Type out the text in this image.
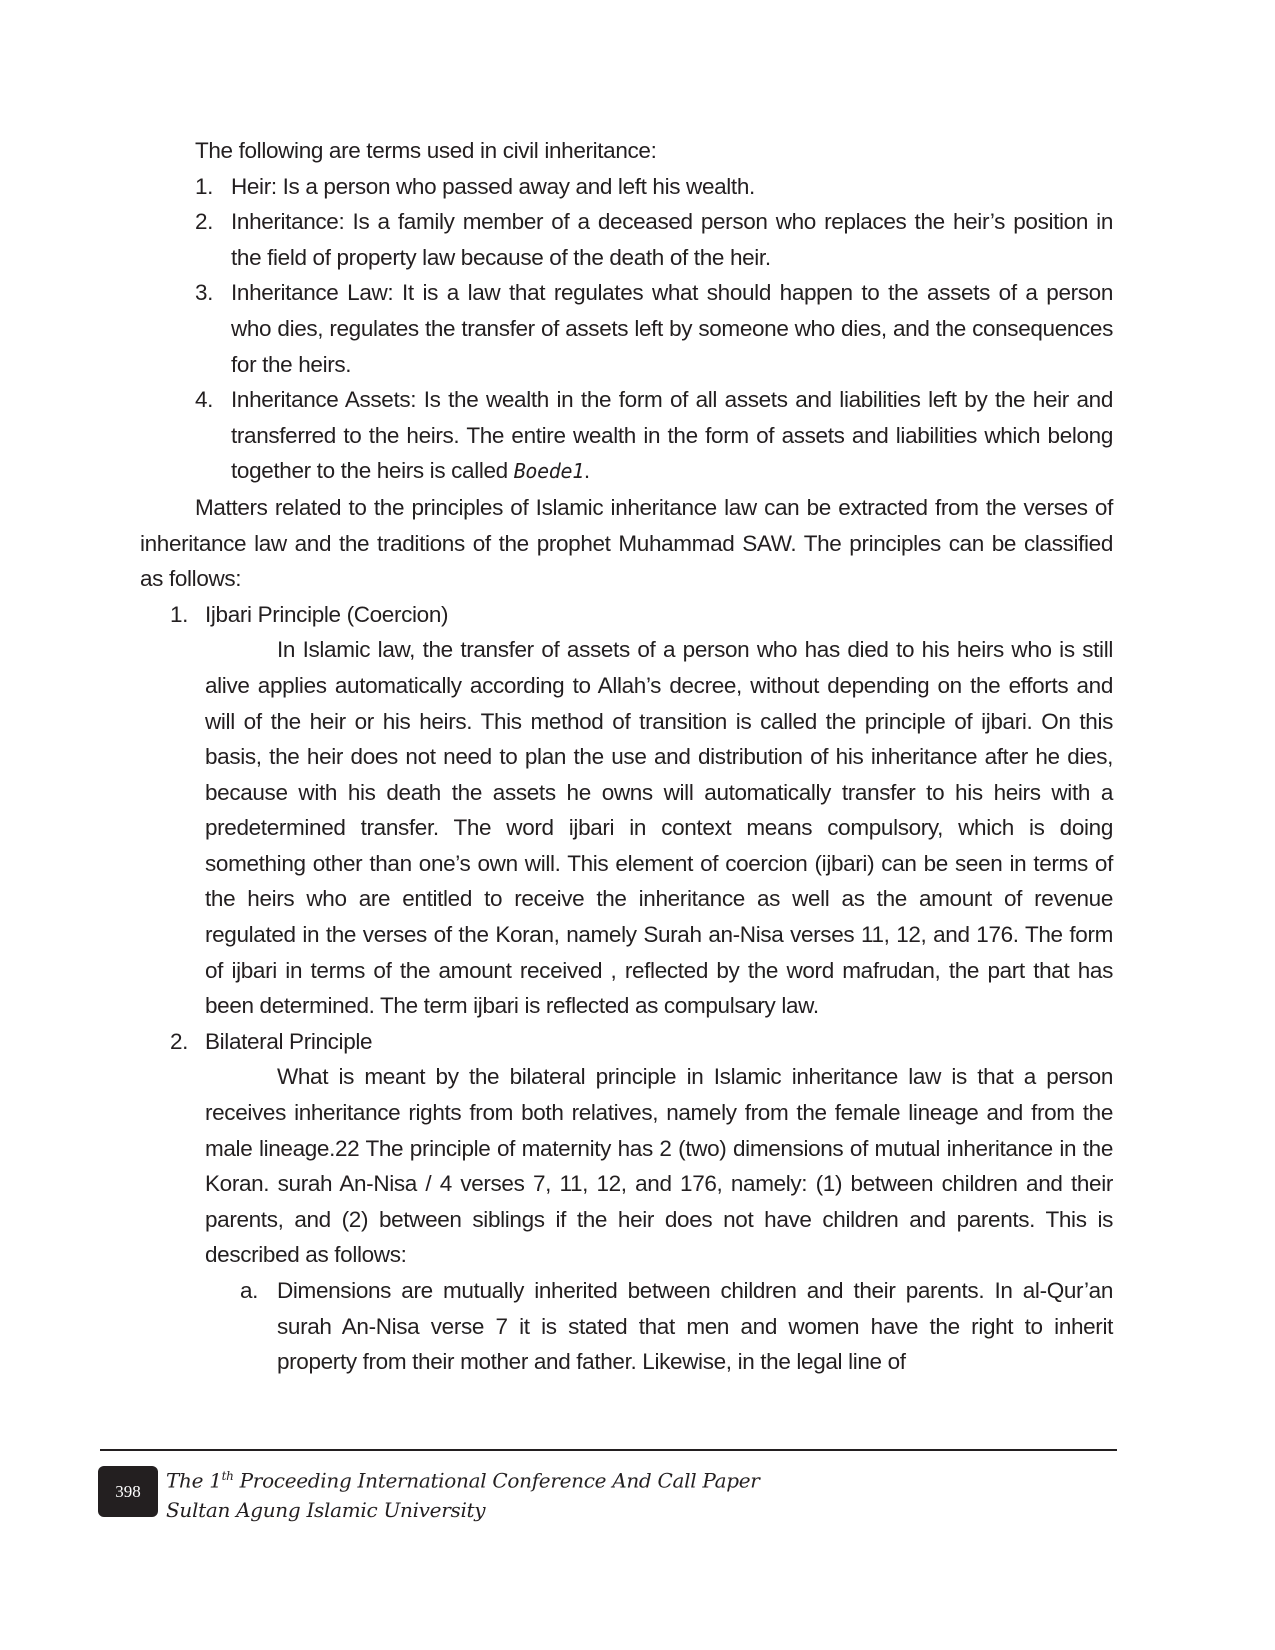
The following are terms used in civil inheritance:

1. Heir: Is a person who passed away and left his wealth.
2. Inheritance: Is a family member of a deceased person who replaces the heir’s position in the field of property law because of the death of the heir.
3. Inheritance Law: It is a law that regulates what should happen to the assets of a person who dies, regulates the transfer of assets left by someone who dies, and the consequences for the heirs.
4. Inheritance Assets: Is the wealth in the form of all assets and liabilities left by the heir and transferred to the heirs. The entire wealth in the form of assets and liabilities which belong together to the heirs is called Boede1.

Matters related to the principles of Islamic inheritance law can be extracted from the verses of inheritance law and the traditions of the prophet Muhammad SAW. The principles can be classified as follows:

1. Ijbari Principle (Coercion)

In Islamic law, the transfer of assets of a person who has died to his heirs who is still alive applies automatically according to Allah’s decree, without depending on the efforts and will of the heir or his heirs. This method of transition is called the principle of ijbari. On this basis, the heir does not need to plan the use and distribution of his inheritance after he dies, because with his death the assets he owns will automatically transfer to his heirs with a predetermined transfer. The word ijbari in context means compulsory, which is doing something other than one’s own will. This element of coercion (ijbari) can be seen in terms of the heirs who are entitled to receive the inheritance as well as the amount of revenue regulated in the verses of the Koran, namely Surah an-Nisa verses 11, 12, and 176. The form of ijbari in terms of the amount received , reflected by the word mafrudan, the part that has been determined. The term ijbari is reflected as compulsary law.

2. Bilateral Principle

What is meant by the bilateral principle in Islamic inheritance law is that a person receives inheritance rights from both relatives, namely from the female lineage and from the male lineage.22 The principle of maternity has 2 (two) dimensions of mutual inheritance in the Koran. surah An-Nisa / 4 verses 7, 11, 12, and 176, namely: (1) between children and their parents, and (2) between siblings if the heir does not have children and parents. This is described as follows:

a. Dimensions are mutually inherited between children and their parents. In al-Qur’an surah An-Nisa verse 7 it is stated that men and women have the right to inherit property from their mother and father. Likewise, in the legal line of
398 The 1th Proceeding International Conference And Call Paper
Sultan Agung Islamic University
